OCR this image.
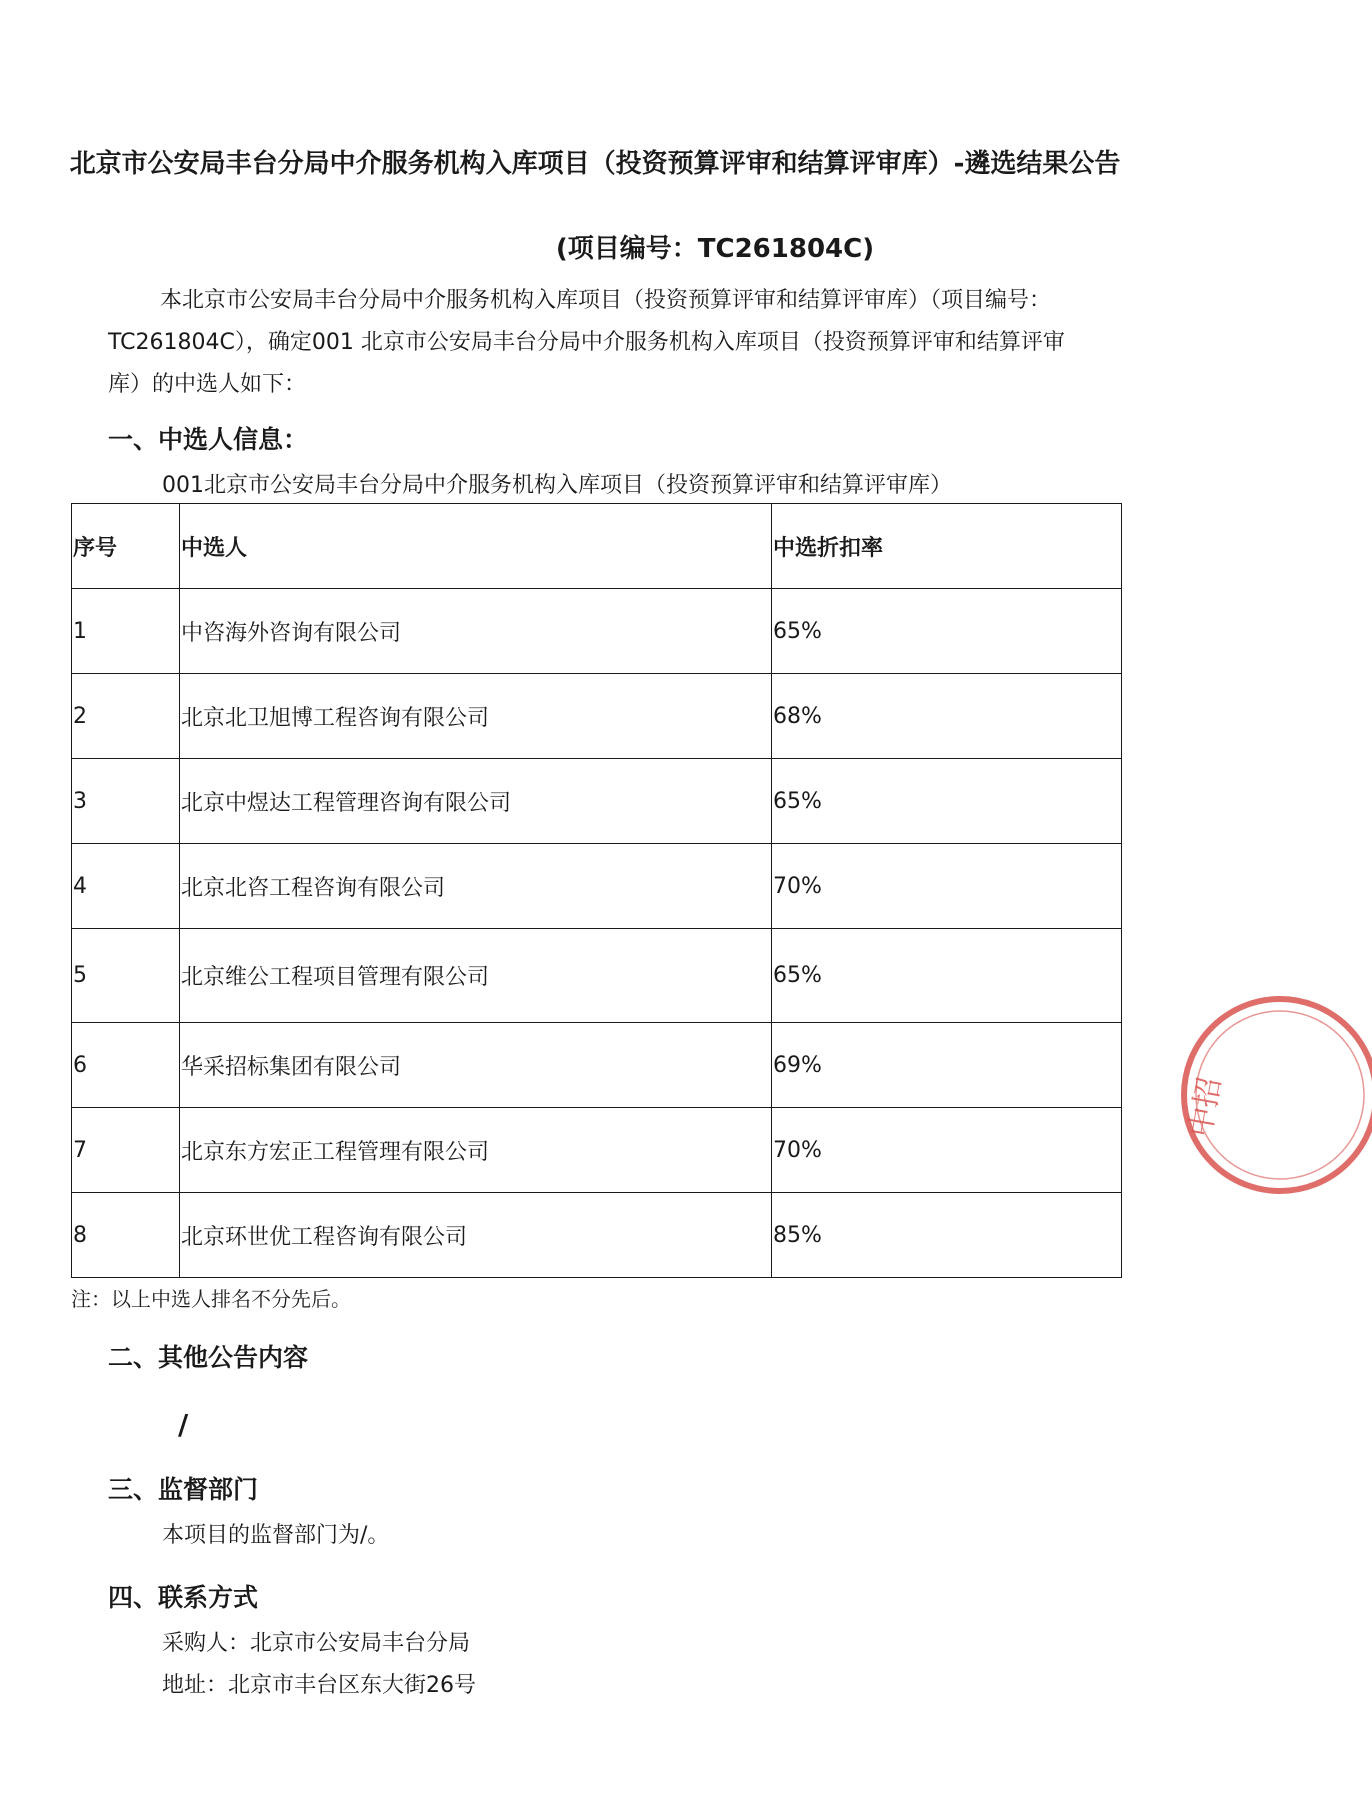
北京市公安局丰台分局中介服务机构入库项目（投资预算评审和结算评审库）-遴选结果公告
(项目编号：TC261804C)

本北京市公安局丰台分局中介服务机构入库项目（投资预算评审和结算评审库）（项目编号：TC261804C），确定001 北京市公安局丰台分局中介服务机构入库项目（投资预算评审和结算评审库）的中选人如下：

一、中选人信息：
001北京市公安局丰台分局中介服务机构入库项目（投资预算评审和结算评审库）
序号	中选人	中选折扣率
1	中咨海外咨询有限公司	65%
2	北京北卫旭博工程咨询有限公司	68%
3	北京中煜达工程管理咨询有限公司	65%
4	北京北咨工程咨询有限公司	70%
5	北京维公工程项目管理有限公司	65%
6	华采招标集团有限公司	69%
7	北京东方宏正工程管理有限公司	70%
8	北京环世优工程咨询有限公司	85%
注：以上中选人排名不分先后。
二、其他公告内容
/
三、监督部门
本项目的监督部门为/。
四、联系方式
采购人：北京市公安局丰台分局
地址：北京市丰台区东大街26号
中招
